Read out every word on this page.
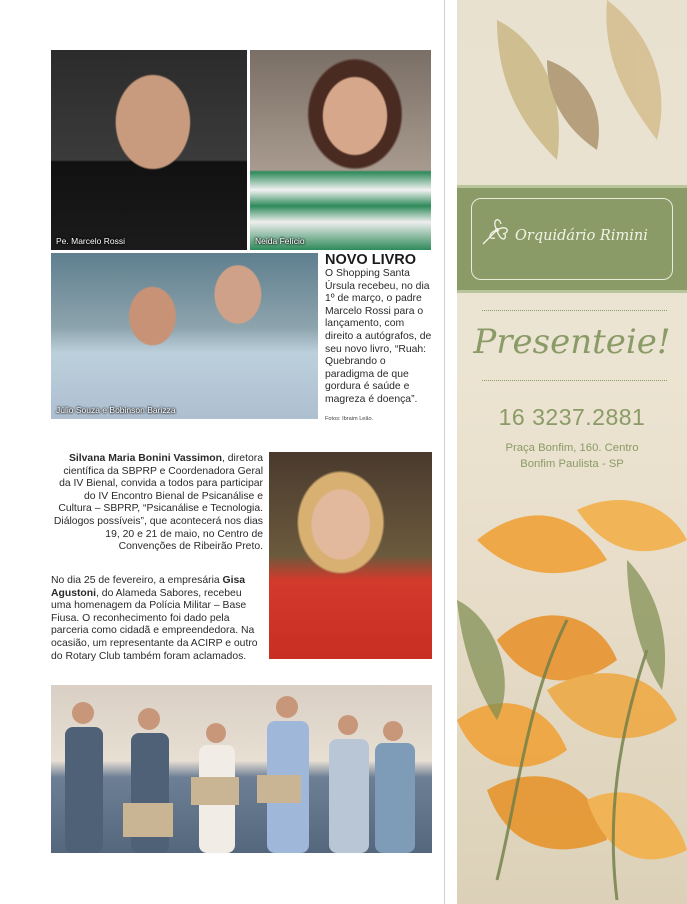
Pe. Marcelo Rossi	Neida Felício
Júlio Souza e Bobinson Barizza
NOVO LIVRO
O Shopping Santa Úrsula recebeu, no dia 1º de março, o padre Marcelo Rossi para o lançamento, com direito a autógrafos, de seu novo livro, “Ruah: Quebrando o paradigma de que gordura é saúde e magreza é doença”.
Fotos: Ibraim Leão.
Silvana Maria Bonini Vassimon, diretora científica da SBPRP e Coordenadora Geral da IV Bienal, convida a todos para participar do IV Encontro Bienal de Psicanálise e Cultura – SBPRP, “Psicanálise e Tecnologia. Diálogos possíveis”, que acontecerá nos dias 19, 20 e 21 de maio, no Centro de Convenções de Ribeirão Preto.
No dia 25 de fevereiro, a empresária Gisa Agustoni, do Alameda Sabores, recebeu uma homenagem da Polícia Militar – Base Fiusa. O reconhecimento foi dado pela parceria como cidadã e empreendedora. Na ocasião, um representante da ACIRP e outro do Rotary Club também foram aclamados.
Orquidário Rimini
Presenteie!
16 3237.2881
Praça Bonfim, 160. Centro
Bonfim Paulista - SP
